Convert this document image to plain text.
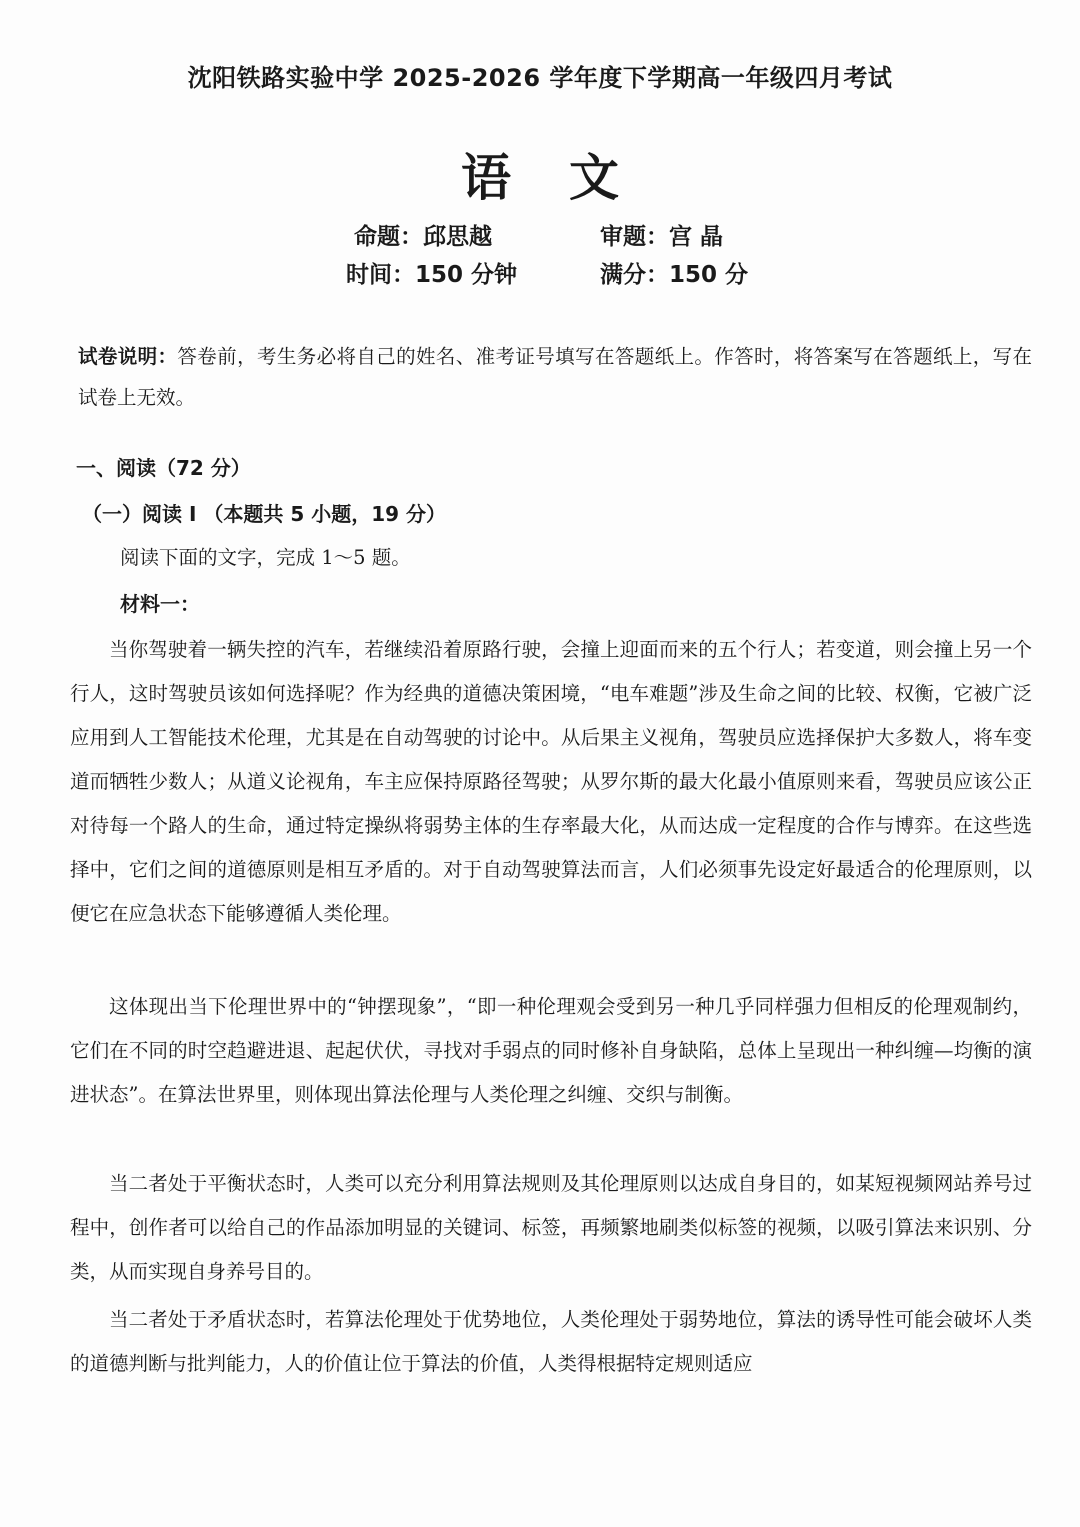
沈阳铁路实验中学 2025-2026 学年度下学期高一年级四月考试
语 文
命题：邱思越	审题：宫 晶
时间：150 分钟	满分：150 分
试卷说明：答卷前，考生务必将自己的姓名、准考证号填写在答题纸上。作答时，将答案写在答题纸上，写在试卷上无效。
一、阅读（72 分）
（一）阅读 I （本题共 5 小题，19 分）
阅读下面的文字，完成 1～5 题。
材料一：

当你驾驶着一辆失控的汽车，若继续沿着原路行驶，会撞上迎面而来的五个行人；若变道，则会撞上另一个行人，这时驾驶员该如何选择呢？作为经典的道德决策困境，“电车难题”涉及生命之间的比较、权衡，它被广泛应用到人工智能技术伦理，尤其是在自动驾驶的讨论中。从后果主义视角，驾驶员应选择保护大多数人，将车变道而牺牲少数人；从道义论视角，车主应保持原路径驾驶；从罗尔斯的最大化最小值原则来看，驾驶员应该公正对待每一个路人的生命，通过特定操纵将弱势主体的生存率最大化，从而达成一定程度的合作与博弈。在这些选择中，它们之间的道德原则是相互矛盾的。对于自动驾驶算法而言，人们必须事先设定好最适合的伦理原则，以便它在应急状态下能够遵循人类伦理。

这体现出当下伦理世界中的“钟摆现象”，“即一种伦理观会受到另一种几乎同样强力但相反的伦理观制约，它们在不同的时空趋避进退、起起伏伏，寻找对手弱点的同时修补自身缺陷，总体上呈现出一种纠缠—均衡的演进状态”。在算法世界里，则体现出算法伦理与人类伦理之纠缠、交织与制衡。

当二者处于平衡状态时，人类可以充分利用算法规则及其伦理原则以达成自身目的，如某短视频网站养号过程中，创作者可以给自己的作品添加明显的关键词、标签，再频繁地刷类似标签的视频，以吸引算法来识别、分类，从而实现自身养号目的。

当二者处于矛盾状态时，若算法伦理处于优势地位，人类伦理处于弱势地位，算法的诱导性可能会破坏人类的道德判断与批判能力，人的价值让位于算法的价值，人类得根据特定规则适应
